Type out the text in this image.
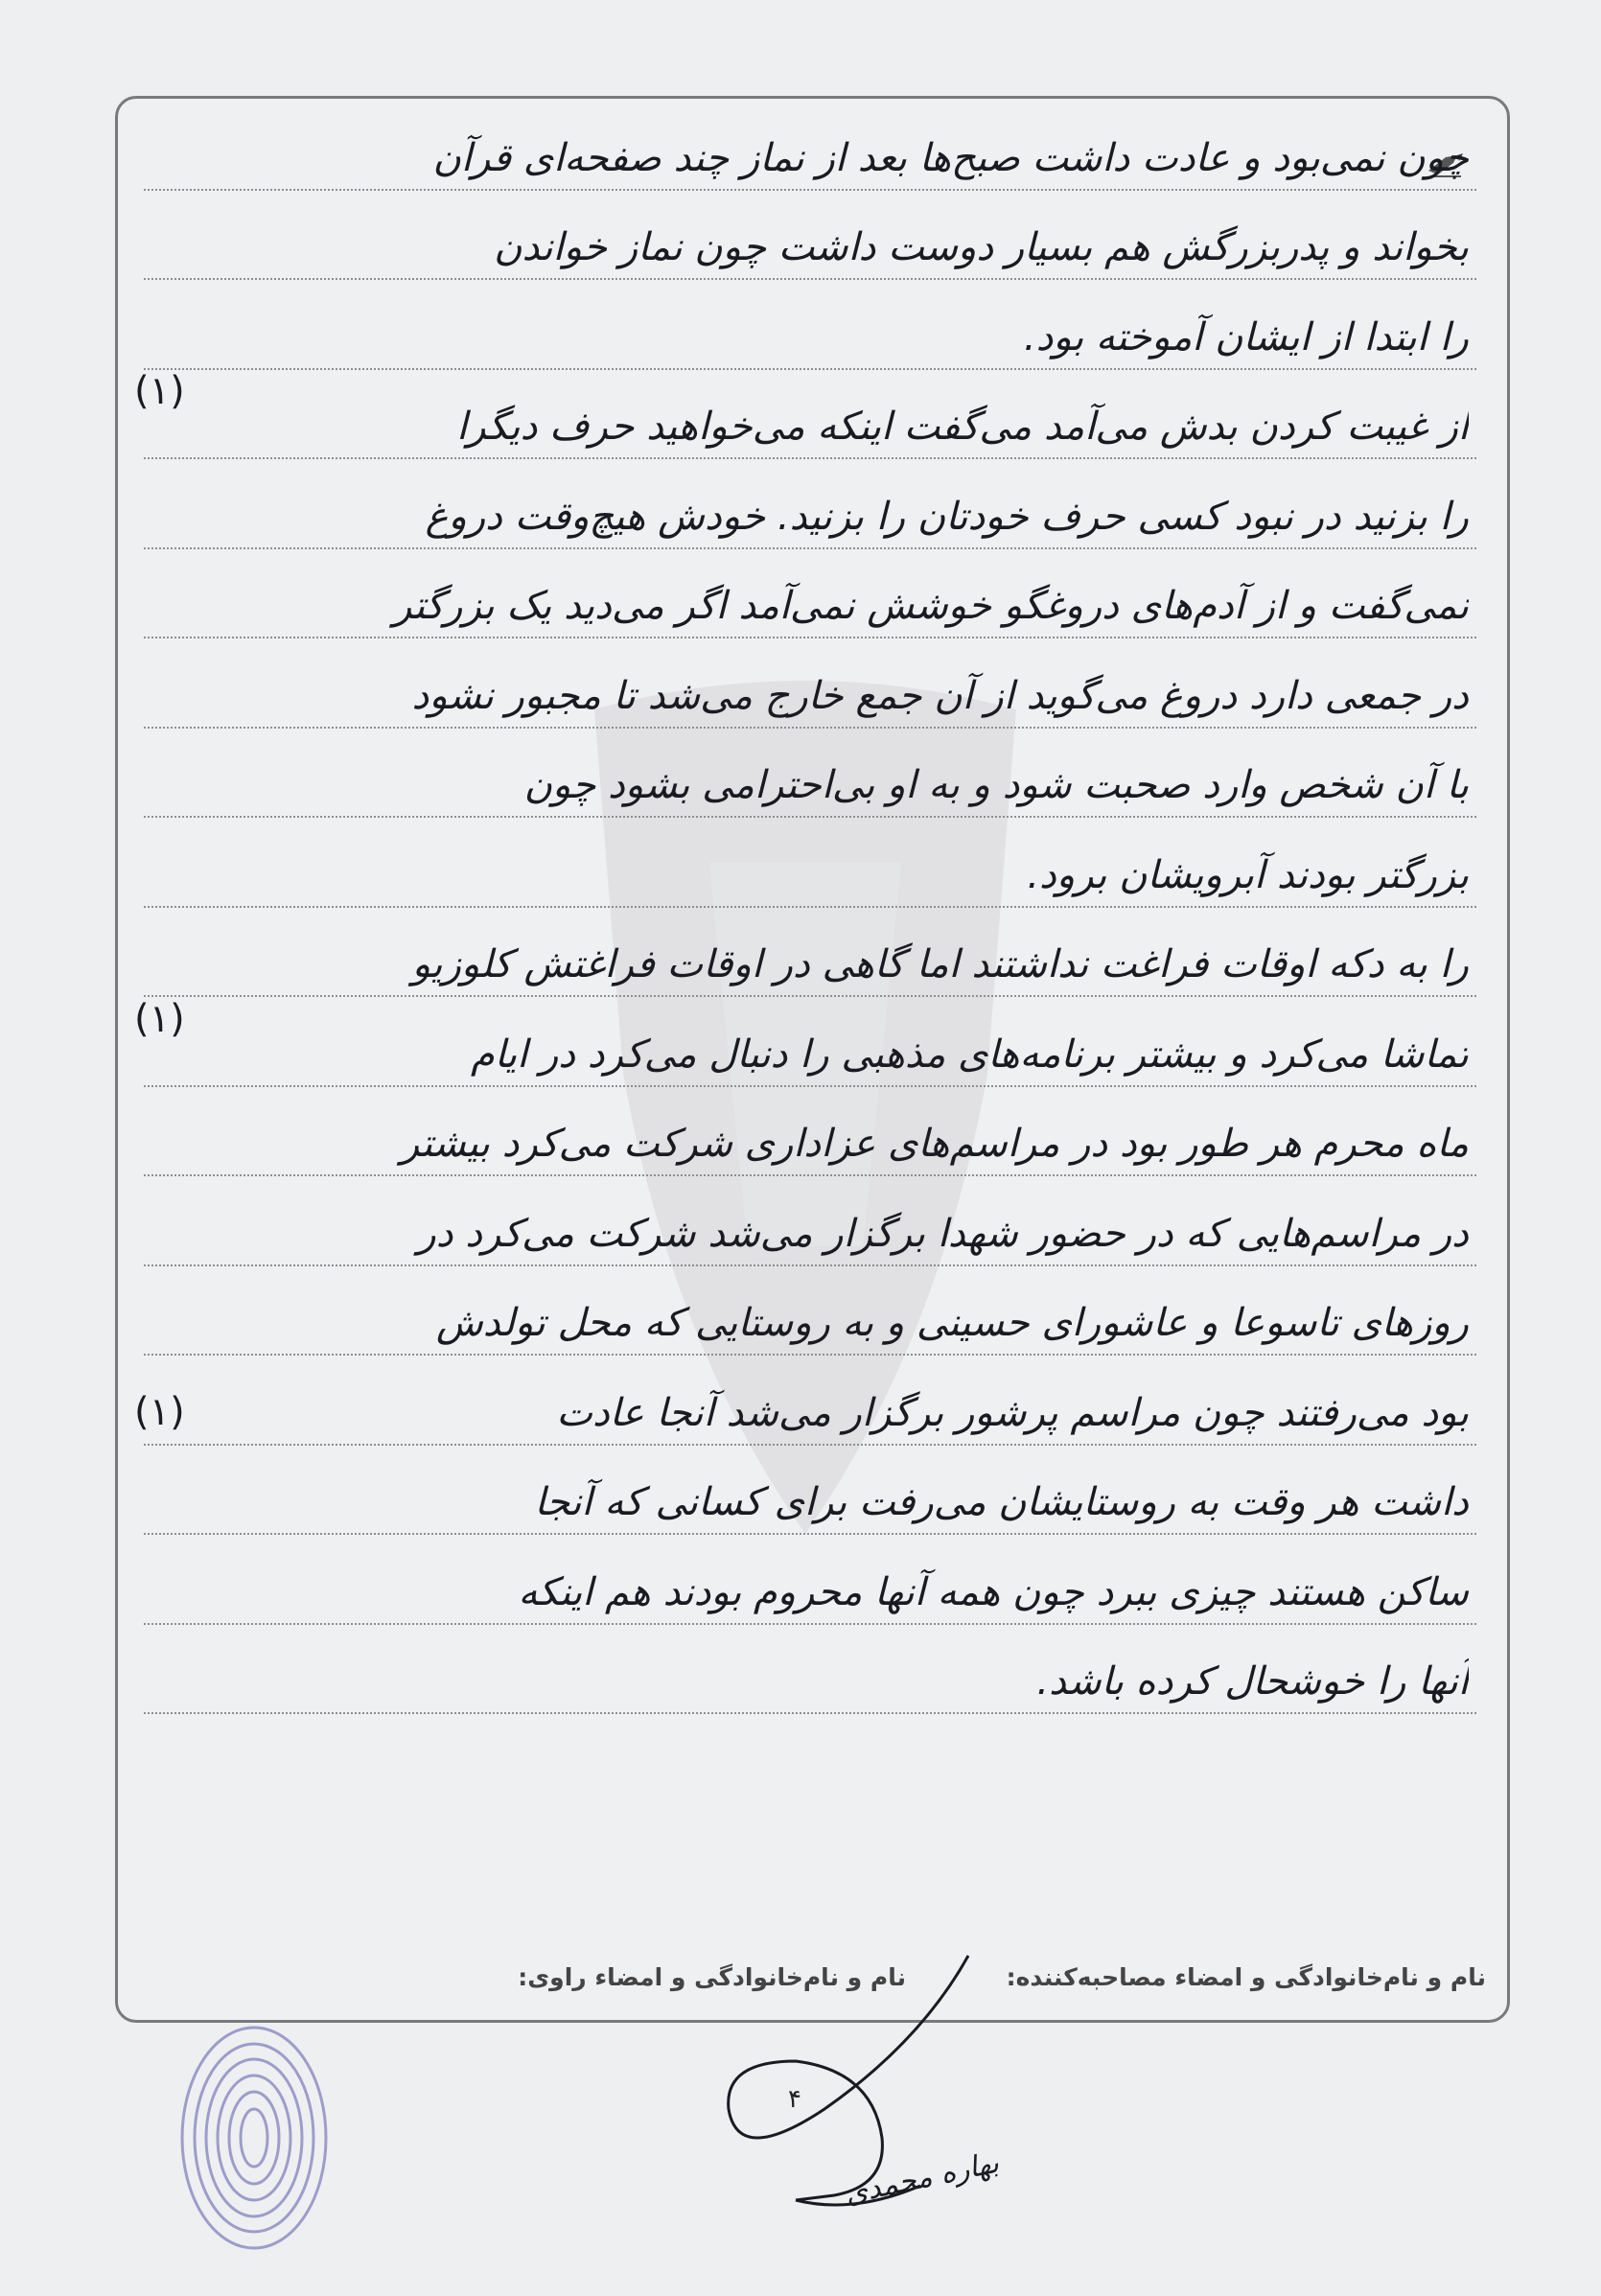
چون نمی‌بود و عادت داشت صبح‌ها بعد از نماز چند صفحه‌ای قرآن
بخواند و پدربزرگش هم بسیار دوست داشت چون نماز خواندن
را ابتدا از ایشان آموخته بود.
از غیبت کردن بدش می‌آمد می‌گفت اینکه می‌خواهید حرف دیگرا
را بزنید در نبود کسی حرف خودتان را بزنید. خودش هیچ‌وقت دروغ
نمی‌گفت و از آدم‌های دروغگو خوشش نمی‌آمد اگر می‌دید یک بزرگتر
در جمعی دارد دروغ می‌گوید از آن جمع خارج می‌شد تا مجبور نشود
با آن شخص وارد صحبت شود و به او بی‌احترامی بشود چون
بزرگتر بودند آبرویشان برود.
را به دکه اوقات فراغت نداشتند اما گاهی در اوقات فراغتش کلوزیو
تماشا می‌کرد و بیشتر برنامه‌های مذهبی را دنبال می‌کرد در ایام
ماه محرم هر طور بود در مراسم‌های عزاداری شرکت می‌کرد بیشتر
در مراسم‌هایی که در حضور شهدا برگزار می‌شد شرکت می‌کرد در
روزهای تاسوعا و عاشورای حسینی و به روستایی که محل تولدش
بود می‌رفتند چون مراسم پرشور برگزار می‌شد آنجا عادت
داشت هر وقت به روستایشان می‌رفت برای کسانی که آنجا
ساکن هستند چیزی ببرد چون همه آنها محروم بودند هم اینکه
آنها را خوشحال کرده باشد.
(۱)
(۱)
(۱)
نام و نام‌خانوادگی و امضاء مصاحبه‌کننده:
نام و نام‌خانوادگی و امضاء راوی:
۴
بهاره محمدی
